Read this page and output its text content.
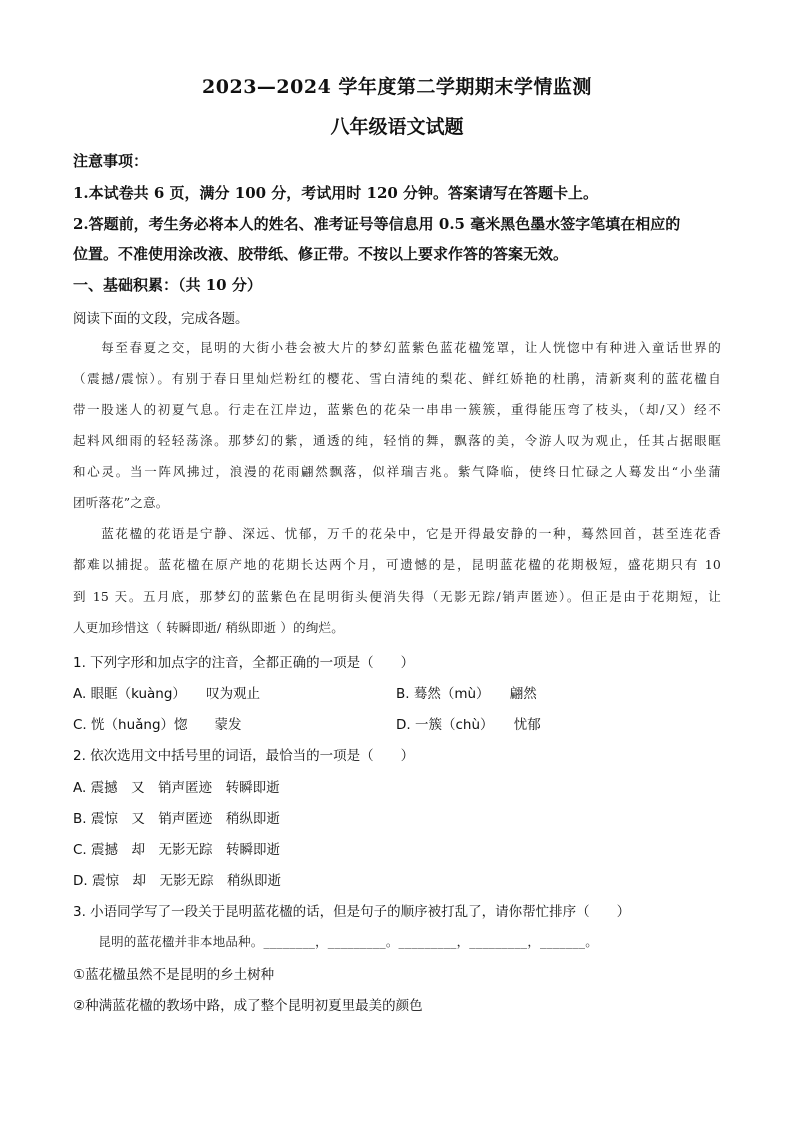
2023—2024 学年度第二学期期末学情监测
八年级语文试题
注意事项：
1.本试卷共 6 页，满分 100 分，考试用时 120 分钟。答案请写在答题卡上。
2.答题前，考生务必将本人的姓名、准考证号等信息用 0.5 毫米黑色墨水签字笔填在相应的
位置。不准使用涂改液、胶带纸、修正带。不按以上要求作答的答案无效。
一、基础积累：（共 10 分）
阅读下面的文段，完成各题。
　　每至春夏之交，昆明的大街小巷会被大片的梦幻蓝紫色蓝花楹笼罩，让人恍惚中有种进入童话世界的
（震撼/震惊）。有别于春日里灿烂粉红的樱花、雪白清纯的梨花、鲜红娇艳的杜鹃，清新爽利的蓝花楹自
带一股迷人的初夏气息。行走在江岸边，蓝紫色的花朵一串串一簇簇，重得能压弯了枝头，（却/又）经不
起料风细雨的轻轻荡涤。那梦幻的紫，通透的纯，轻悄的舞，飘落的美，令游人叹为观止，任其占据眼眶
和心灵。当一阵风拂过，浪漫的花雨翩然飘落，似祥瑞吉兆。紫气降临，使终日忙碌之人蓦发出“小坐蒲
团听落花”之意。
　　蓝花楹的花语是宁静、深远、忧郁，万千的花朵中，它是开得最安静的一种，蓦然回首，甚至连花香
都难以捕捉。蓝花楹在原产地的花期长达两个月，可遗憾的是，昆明蓝花楹的花期极短，盛花期只有 10
到 15 天。五月底，那梦幻的蓝紫色在昆明街头便消失得（无影无踪/销声匿迹）。但正是由于花期短，让
人更加珍惜这（ 转瞬即逝/ 稍纵即逝 ）的绚烂。
1. 下列字形和加点字的注音，全都正确的一项是（　　）
A. 眼眶（kuàng）　　叹为观止	B. 蓦然（mù）　　翩然
C. 恍（huǎng）惚　　蒙发	D. 一簇（chù）　　忧郁
2. 依次选用文中括号里的词语，最恰当的一项是（　　）
A. 震撼　又　销声匿迹　转瞬即逝
B. 震惊　又　销声匿迹　稍纵即逝
C. 震撼　却　无影无踪　转瞬即逝
D. 震惊　却　无影无踪　稍纵即逝
3. 小语同学写了一段关于昆明蓝花楹的话，但是句子的顺序被打乱了，请你帮忙排序（　　）
　　昆明的蓝花楹并非本地品种。________，_________。_________，_________，_______。
①蓝花楹虽然不是昆明的乡土树种
②种满蓝花楹的教场中路，成了整个昆明初夏里最美的颜色
